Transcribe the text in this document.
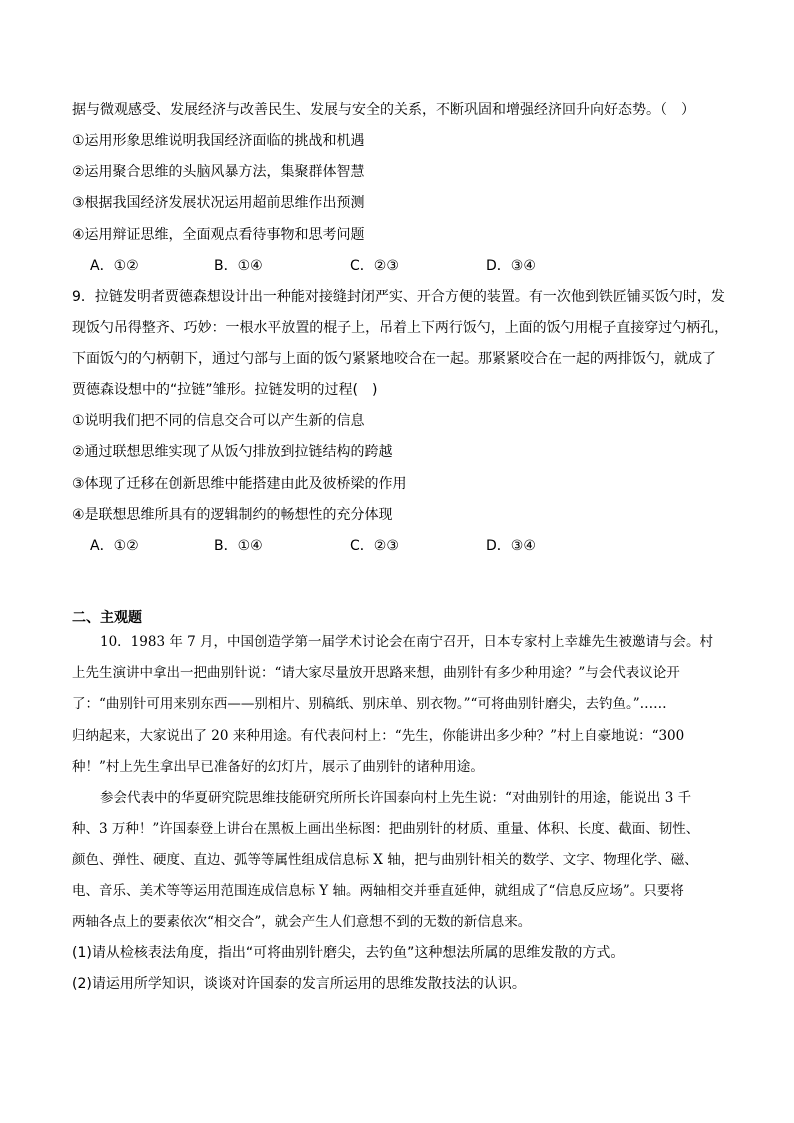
据与微观感受、发展经济与改善民生、发展与安全的关系，不断巩固和增强经济回升向好态势。（　）
①运用形象思维说明我国经济面临的挑战和机遇
②运用聚合思维的头脑风暴方法，集聚群体智慧
③根据我国经济发展状况运用超前思维作出预测
④运用辩证思维，全面观点看待事物和思考问题
A．①②	B．①④	C．②③	D．③④
9．拉链发明者贾德森想设计出一种能对接缝封闭严实、开合方便的装置。有一次他到铁匠铺买饭勺时，发
现饭勺吊得整齐、巧妙：一根水平放置的棍子上，吊着上下两行饭勺，上面的饭勺用棍子直接穿过勺柄孔，
下面饭勺的勺柄朝下，通过勺部与上面的饭勺紧紧地咬合在一起。那紧紧咬合在一起的两排饭勺，就成了
贾德森设想中的“拉链”雏形。拉链发明的过程(　)
①说明我们把不同的信息交合可以产生新的信息
②通过联想思维实现了从饭勺排放到拉链结构的跨越
③体现了迁移在创新思维中能搭建由此及彼桥梁的作用
④是联想思维所具有的逻辑制约的畅想性的充分体现
A．①②	B．①④	C．②③	D．③④
二、主观题
10．1983 年 7 月，中国创造学第一届学术讨论会在南宁召开，日本专家村上幸雄先生被邀请与会。村
上先生演讲中拿出一把曲别针说：“请大家尽量放开思路来想，曲别针有多少种用途？”与会代表议论开
了：“曲别针可用来别东西——别相片、别稿纸、别床单、别衣物。”“可将曲别针磨尖，去钓鱼。”……
归纳起来，大家说出了 20 来种用途。有代表问村上：“先生，你能讲出多少种？”村上自豪地说：“300
种！”村上先生拿出早已准备好的幻灯片，展示了曲别针的诸种用途。
参会代表中的华夏研究院思维技能研究所所长许国泰向村上先生说：“对曲别针的用途，能说出 3 千
种、3 万种！”许国泰登上讲台在黑板上画出坐标图：把曲别针的材质、重量、体积、长度、截面、韧性、
颜色、弹性、硬度、直边、弧等等属性组成信息标 X 轴，把与曲别针相关的数学、文字、物理化学、磁、
电、音乐、美术等等运用范围连成信息标 Y 轴。两轴相交并垂直延伸，就组成了“信息反应场”。只要将
两轴各点上的要素依次“相交合”，就会产生人们意想不到的无数的新信息来。
(1)请从检核表法角度，指出“可将曲别针磨尖，去钓鱼”这种想法所属的思维发散的方式。
(2)请运用所学知识，谈谈对许国泰的发言所运用的思维发散技法的认识。
